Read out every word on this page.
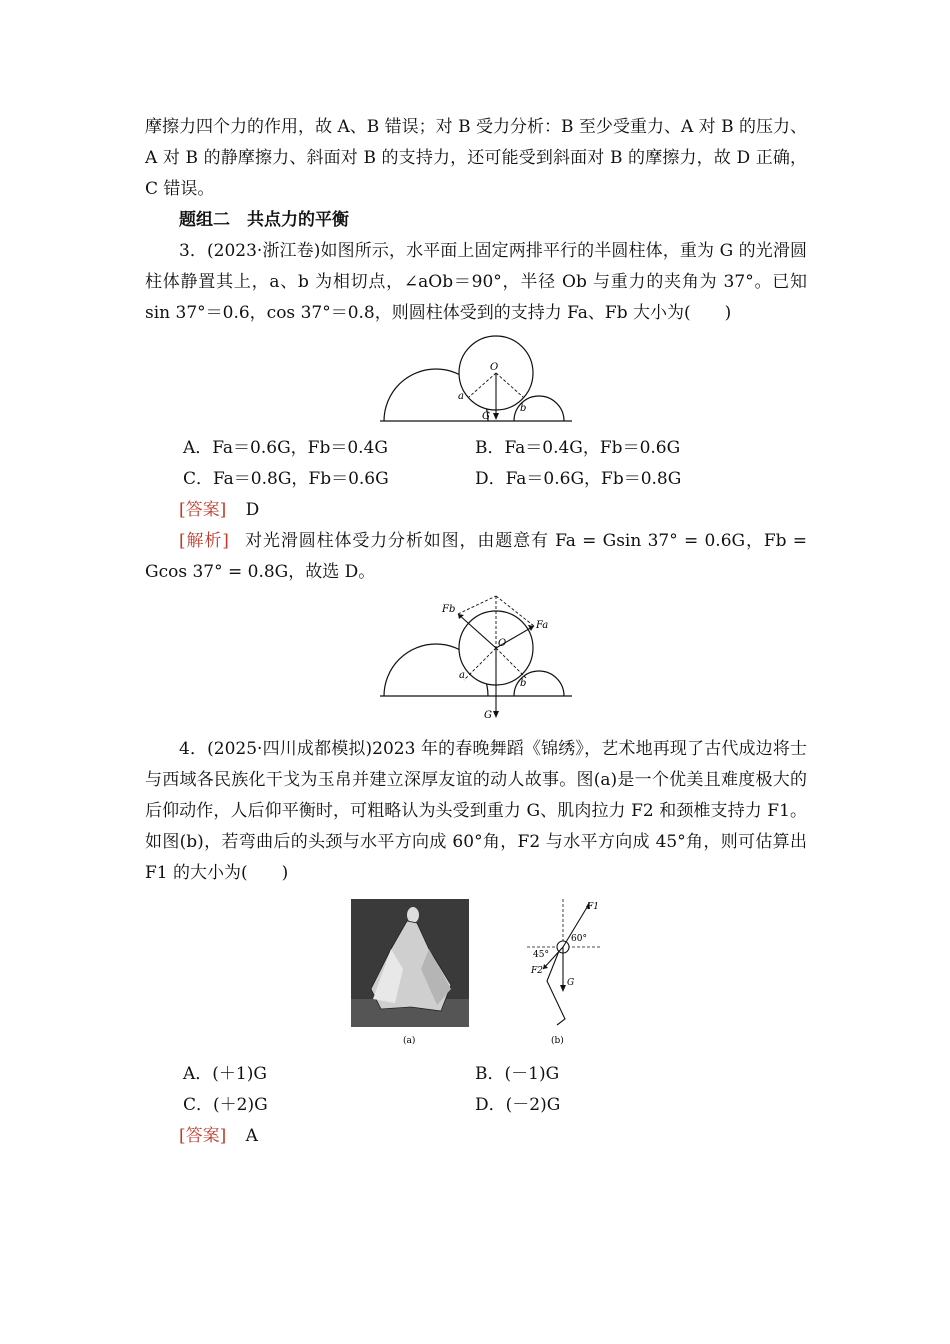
摩擦力四个力的作用，故 A、B 错误；对 B 受力分析：B 至少受重力、A 对 B 的压力、A 对 B 的静摩擦力、斜面对 B 的支持力，还可能受到斜面对 B 的摩擦力，故 D 正确，C 错误。

题组二　共点力的平衡

3．(2023·浙江卷)如图所示，水平面上固定两排平行的半圆柱体，重为 G 的光滑圆柱体静置其上，a、b 为相切点，∠aOb＝90°，半径 Ob 与重力的夹角为 37°。已知 sin 37°＝0.6，cos 37°＝0.8，则圆柱体受到的支持力 Fa、Fb 大小为(　　)

O
a
b
G
A．Fa＝0.6G，Fb＝0.4G	B．Fa＝0.4G，Fb＝0.6G
C．Fa＝0.8G，Fb＝0.6G	D．Fa＝0.6G，Fb＝0.8G

[答案] D

[解析] 对光滑圆柱体受力分析如图，由题意有 Fa = Gsin 37° = 0.6G，Fb = Gcos 37° = 0.8G，故选 D。

O
a
b
G
Fa
Fb

4．(2025·四川成都模拟)2023 年的春晚舞蹈《锦绣》，艺术地再现了古代成边将士与西域各民族化干戈为玉帛并建立深厚友谊的动人故事。图(a)是一个优美且难度极大的后仰动作，人后仰平衡时，可粗略认为头受到重力 G、肌肉拉力 F2 和颈椎支持力 F1。如图(b)，若弯曲后的头颈与水平方向成 60°角，F2 与水平方向成 45°角，则可估算出 F1 的大小为(　　)

(a)
F1
F2
G
60°
45°
(b)
A．(＋1)G	B．(－1)G
C．(＋2)G	D．(－2)G

[答案] A
